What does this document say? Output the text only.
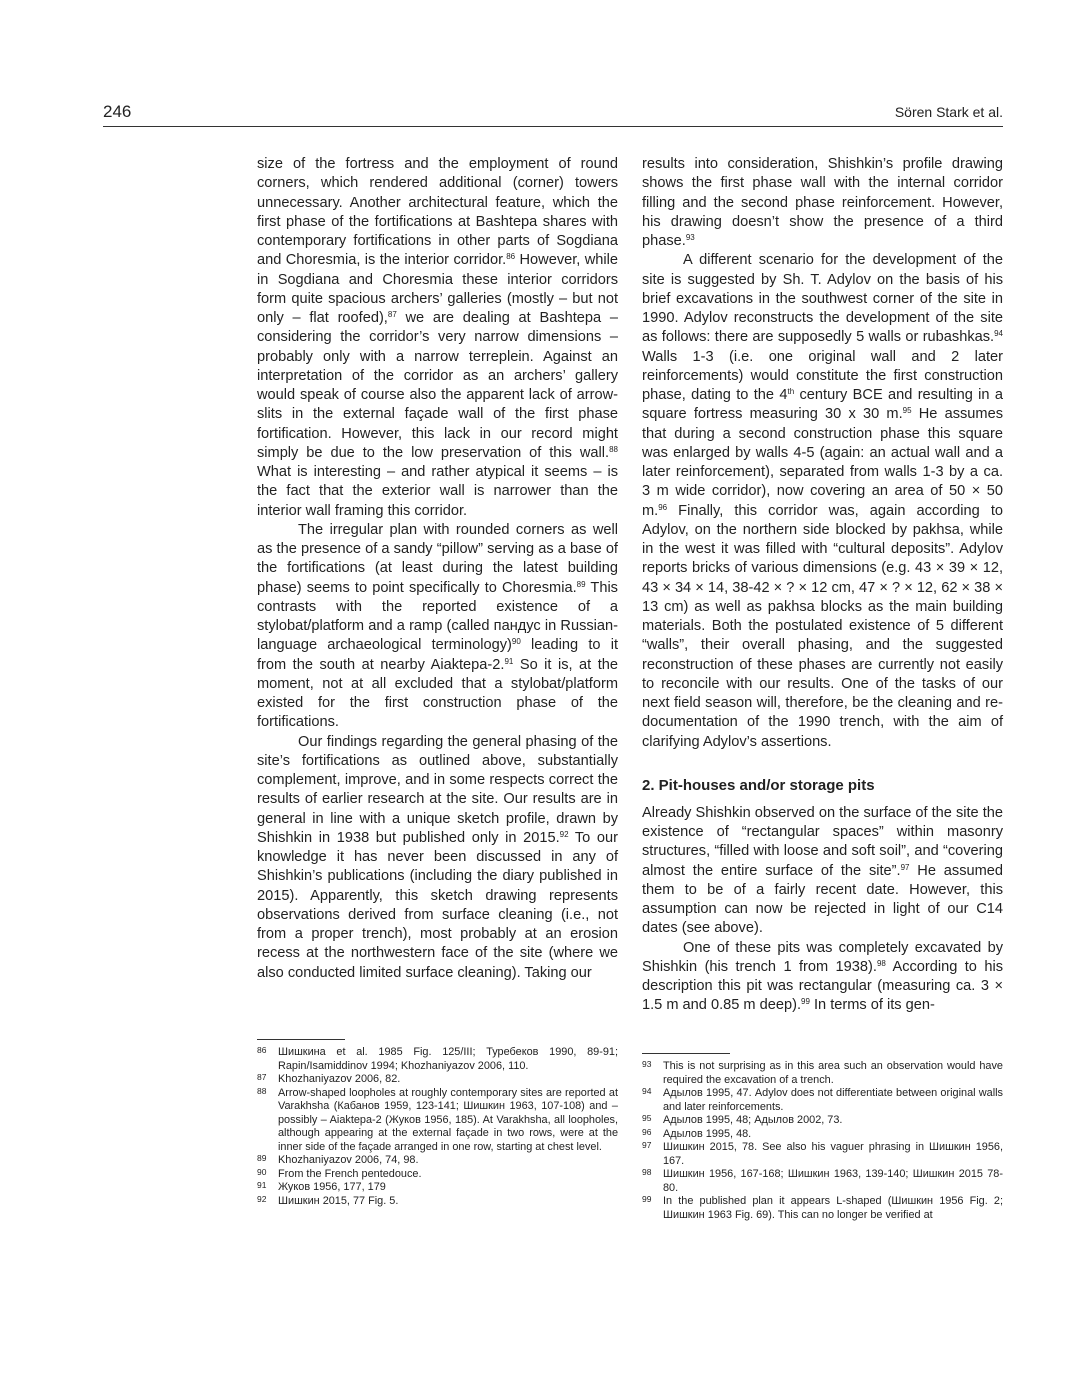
246	Sören Stark et al.

size of the fortress and the employment of round corners, which rendered additional (corner) towers unnecessary. Another architectural feature, which the first phase of the fortifications at Bashtepa shares with contemporary fortifications in other parts of Sogdiana and Choresmia, is the interior corridor.$^{86}$ However, while in Sogdiana and Choresmia these interior corridors form quite spacious archers’ galleries (mostly – but not only – flat roofed),$^{87}$ we are dealing at Bashtepa – considering the corridor’s very narrow dimensions – probably only with a narrow terreplein. Against an interpretation of the corridor as an archers’ gallery would speak of course also the apparent lack of arrow-slits in the external façade wall of the first phase fortification. However, this lack in our record might simply be due to the low preservation of this wall.$^{88}$ What is interesting – and rather atypical it seems – is the fact that the exterior wall is narrower than the interior wall framing this corridor.

The irregular plan with rounded corners as well as the presence of a sandy “pillow” serving as a base of the fortifications (at least during the latest building phase) seems to point specifically to Choresmia.$^{89}$ This contrasts with the reported existence of a stylobat/platform and a ramp (called пандус in Russian-language archaeological terminology)$^{90}$ leading to it from the south at nearby Aiaktepa-2.91 So it is, at the moment, not at all excluded that a stylobat/platform existed for the first construction phase of the fortifications.

Our findings regarding the general phasing of the site’s fortifications as outlined above, substantially complement, improve, and in some respects correct the results of earlier research at the site. Our results are in general in line with a unique sketch profile, drawn by Shishkin in 1938 but published only in 2015.92 To our knowledge it has never been discussed in any of Shishkin’s publications (including the diary published in 2015). Apparently, this sketch drawing represents observations derived from surface cleaning (i.e., not from a proper trench), most probably at an erosion recess at the northwestern face of the site (where we also conducted limited surface cleaning). Taking our

results into consideration, Shishkin’s profile drawing shows the first phase wall with the internal corridor filling and the second phase reinforcement. However, his drawing doesn’t show the presence of a third phase.$^{93}$

A different scenario for the development of the site is suggested by Sh. T. Adylov on the basis of his brief excavations in the southwest corner of the site in 1990. Adylov reconstructs the development of the site as follows: there are supposedly 5 walls or rubashkas.$^{94}$ Walls 1-3 (i.e. one original wall and 2 later reinforcements) would constitute the first construction phase, dating to the 4th century BCE and resulting in a square fortress measuring 30 x 30 m.$^{95}$ He assumes that during a second construction phase this square was enlarged by walls 4-5 (again: an actual wall and a later reinforcement), separated from walls 1-3 by a ca. 3 m wide corridor), now covering an area of 50 × 50 m.$^{96}$ Finally, this corridor was, again according to Adylov, on the northern side blocked by pakhsa, while in the west it was filled with “cultural deposits”. Adylov reports bricks of various dimensions (e.g. 43 × 39 × 12, 43 × 34 × 14, 38-42 × ? × 12 cm, 47 × ? × 12, 62 × 38 × 13 cm) as well as pakhsa blocks as the main building materials. Both the postulated existence of 5 different “walls”, their overall phasing, and the suggested reconstruction of these phases are currently not easily to reconcile with our results. One of the tasks of our next field season will, therefore, be the cleaning and re-documentation of the 1990 trench, with the aim of clarifying Adylov’s assertions.

2. Pit-houses and/or storage pits

Already Shishkin observed on the surface of the site the existence of “rectangular spaces” within masonry structures, “filled with loose and soft soil”, and “covering almost the entire surface of the site”.$^{97}$ He assumed them to be of a fairly recent date. However, this assumption can now be rejected in light of our C14 dates (see above).

One of these pits was completely excavated by Shishkin (his trench 1 from 1938).$^{98}$ According to his description this pit was rectangular (measuring ca. 3 × 1.5 m and 0.85 m deep).$^{99}$ In terms of its gen-

86 Шишкина et al. 1985 Fig. 125/III; Туребеков 1990, 89-91; Rapin/Isamiddinov 1994; Khozhaniyazov 2006, 110.
87 Khozhaniyazov 2006, 82.
88 Arrow-shaped loopholes at roughly contemporary sites are reported at Varakhsha (Кабанов 1959, 123-141; Шишкин 1963, 107-108) and – possibly – Aiaktepa-2 (Жуков 1956, 185). At Varakhsha, all loopholes, although appearing at the external façade in two rows, were at the inner side of the façade arranged in one row, starting at chest level.
89 Khozhaniyazov 2006, 74, 98.
90 From the French pentedouce.
91 Жуков 1956, 177, 179
92 Шишкин 2015, 77 Fig. 5.
93 This is not surprising as in this area such an observation would have required the excavation of a trench.
94 Адылов 1995, 47. Adylov does not differentiate between original walls and later reinforcements.
95 Адылов 1995, 48; Адылов 2002, 73.
96 Адылов 1995, 48.
97 Шишкин 2015, 78. See also his vaguer phrasing in Шишкин 1956, 167.
98 Шишкин 1956, 167-168; Шишкин 1963, 139-140; Шишкин 2015 78-80.
99 In the published plan it appears L-shaped (Шишкин 1956 Fig. 2; Шишкин 1963 Fig. 69). This can no longer be verified at
